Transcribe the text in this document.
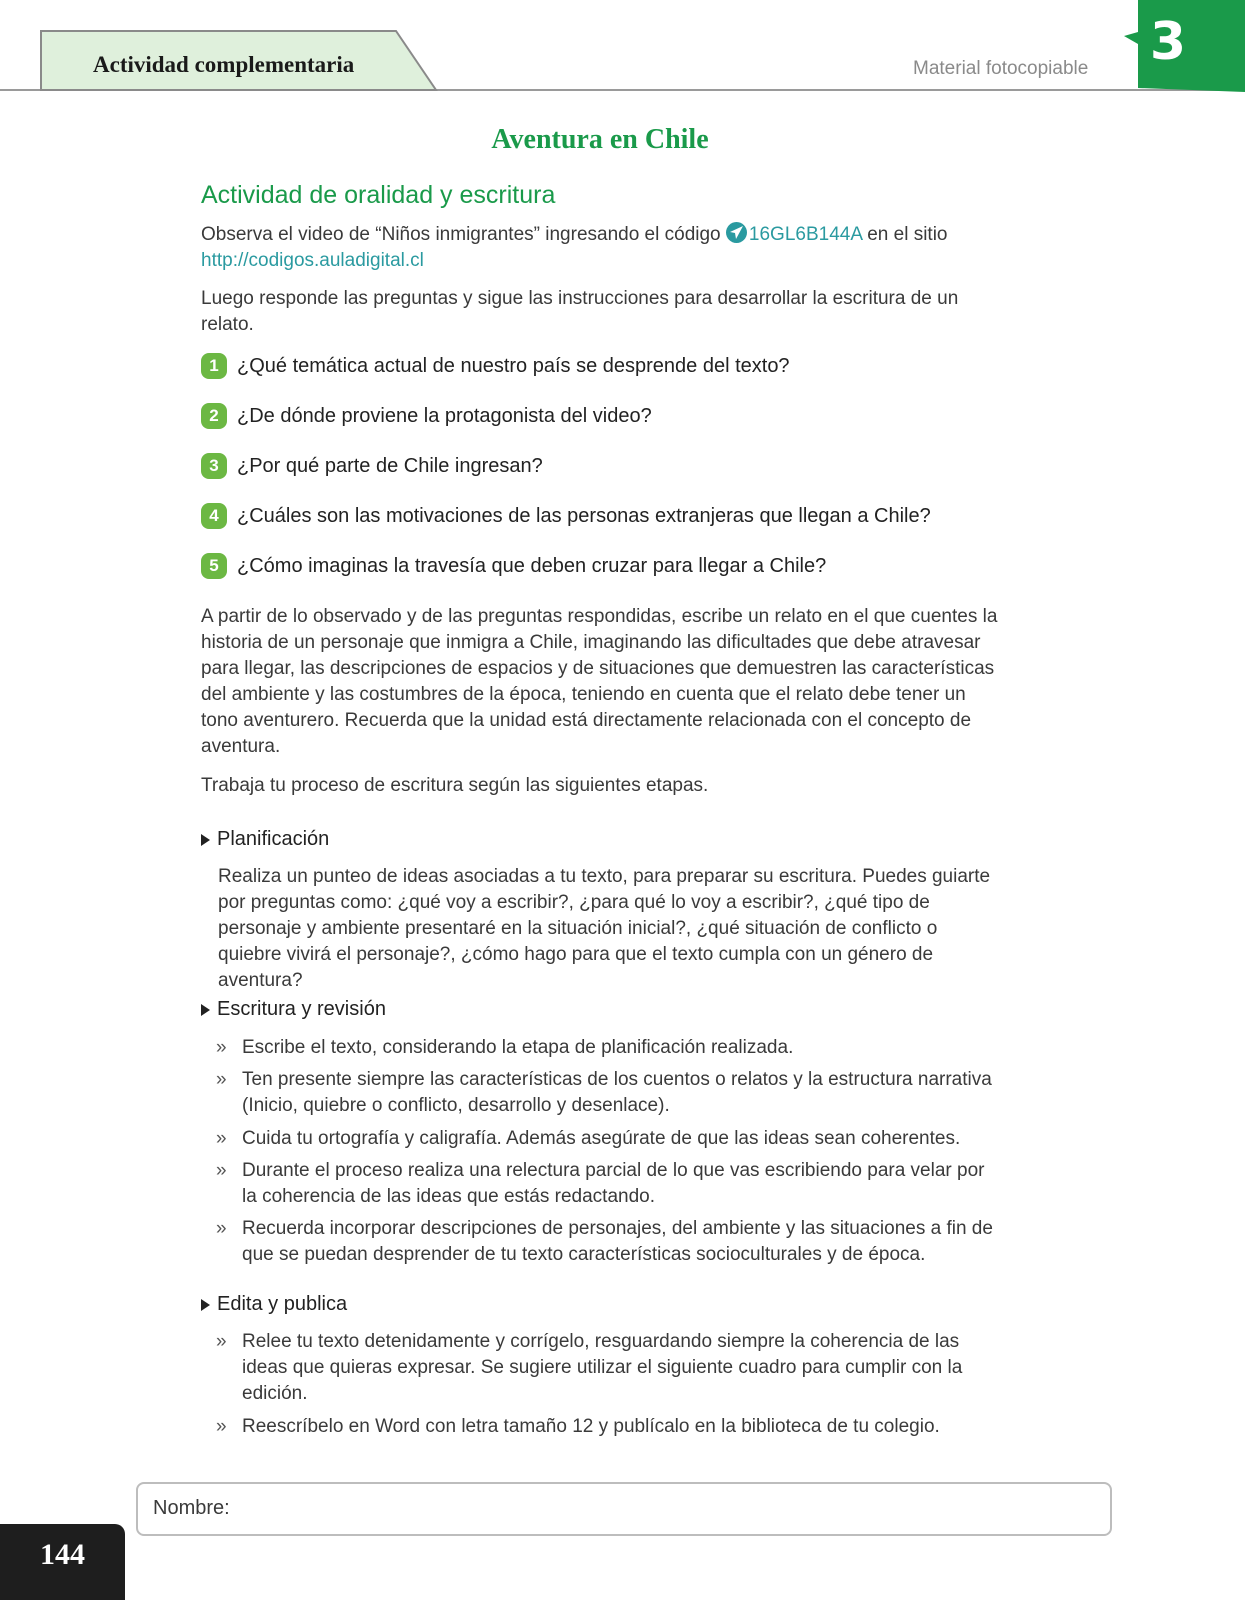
Actividad complementaria	Material fotocopiable 3
Aventura en Chile
Actividad de oralidad y escritura
Observa el video de “Niños inmigrantes” ingresando el código 16GL6B144A en el sitio
http://codigos.auladigital.cl
Luego responde las preguntas y sigue las instrucciones para desarrollar la escritura de un relato.
1 ¿Qué temática actual de nuestro país se desprende del texto?
2 ¿De dónde proviene la protagonista del video?
3 ¿Por qué parte de Chile ingresan?
4 ¿Cuáles son las motivaciones de las personas extranjeras que llegan a Chile?
5 ¿Cómo imaginas la travesía que deben cruzar para llegar a Chile?
A partir de lo observado y de las preguntas respondidas, escribe un relato en el que cuentes la historia de un personaje que inmigra a Chile, imaginando las dificultades que debe atravesar para llegar, las descripciones de espacios y de situaciones que demuestren las características del ambiente y las costumbres de la época, teniendo en cuenta que el relato debe tener un tono aventurero. Recuerda que la unidad está directamente relacionada con el concepto de aventura.
Trabaja tu proceso de escritura según las siguientes etapas.
Planificación
Realiza un punteo de ideas asociadas a tu texto, para preparar su escritura. Puedes guiarte por preguntas como: ¿qué voy a escribir?, ¿para qué lo voy a escribir?, ¿qué tipo de personaje y ambiente presentaré en la situación inicial?, ¿qué situación de conflicto o quiebre vivirá el personaje?, ¿cómo hago para que el texto cumpla con un género de aventura?
Escritura y revisión
» Escribe el texto, considerando la etapa de planificación realizada.
» Ten presente siempre las características de los cuentos o relatos y la estructura narrativa (Inicio, quiebre o conflicto, desarrollo y desenlace).
» Cuida tu ortografía y caligrafía. Además asegúrate de que las ideas sean coherentes.
» Durante el proceso realiza una relectura parcial de lo que vas escribiendo para velar por la coherencia de las ideas que estás redactando.
» Recuerda incorporar descripciones de personajes, del ambiente y las situaciones a fin de que se puedan desprender de tu texto características socioculturales y de época.
Edita y publica
» Relee tu texto detenidamente y corrígelo, resguardando siempre la coherencia de las ideas que quieras expresar. Se sugiere utilizar el siguiente cuadro para cumplir con la edición.
» Reescríbelo en Word con letra tamaño 12 y publícalo en la biblioteca de tu colegio.
Nombre:
144
